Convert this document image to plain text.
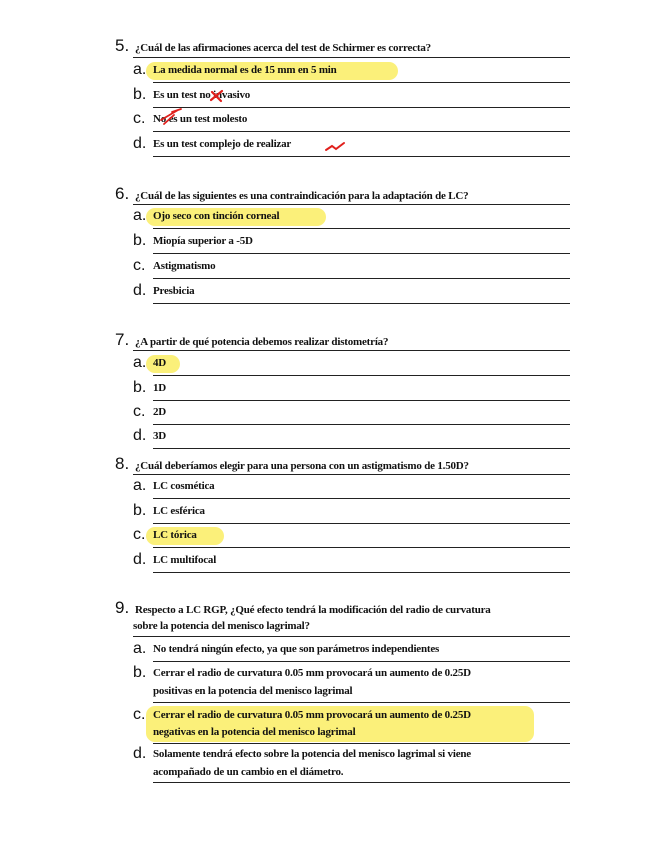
5. ¿Cuál de las afirmaciones acerca del test de Schirmer es correcta?
a. La medida normal es de 15 mm en 5 min
b. Es un test no invasivo
c. No es un test molesto
d. Es un test complejo de realizar
6. ¿Cuál de las siguientes es una contraindicación para la adaptación de LC?
a. Ojo seco con tinción corneal
b. Miopía superior a -5D
c. Astigmatismo
d. Presbicia
7. ¿A partir de qué potencia debemos realizar distometría?
a. 4D
b. 1D
c. 2D
d. 3D
8. ¿Cuál deberíamos elegir para una persona con un astigmatismo de 1.50D?
a. LC cosmética
b. LC esférica
c. LC tórica
d. LC multifocal
9. Respecto a LC RGP, ¿Qué efecto tendrá la modificación del radio de curvatura
sobre la potencia del menisco lagrimal?
a. No tendrá ningún efecto, ya que son parámetros independientes
b. Cerrar el radio de curvatura 0.05 mm provocará un aumento de 0.25D
positivas en la potencia del menisco lagrimal
c. Cerrar el radio de curvatura 0.05 mm provocará un aumento de 0.25D
negativas en la potencia del menisco lagrimal
d. Solamente tendrá efecto sobre la potencia del menisco lagrimal si viene
acompañado de un cambio en el diámetro.
